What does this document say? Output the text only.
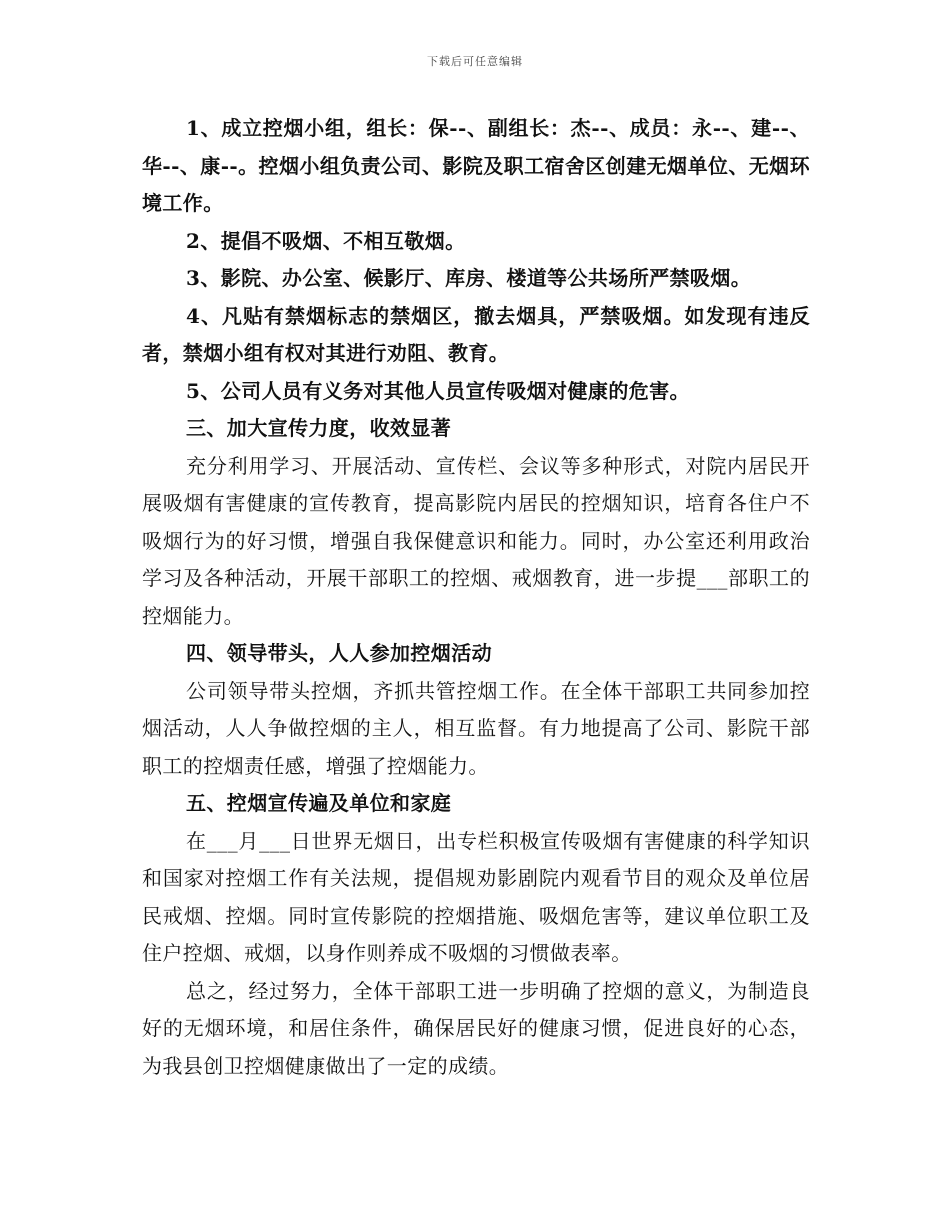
下载后可任意编辑

1、成立控烟小组，组长：保--、副组长：杰--、成员：永--、建--、华--、康--。控烟小组负责公司、影院及职工宿舍区创建无烟单位、无烟环境工作。

2、提倡不吸烟、不相互敬烟。

3、影院、办公室、候影厅、库房、楼道等公共场所严禁吸烟。

4、凡贴有禁烟标志的禁烟区，撤去烟具，严禁吸烟。如发现有违反者，禁烟小组有权对其进行劝阻、教育。

5、公司人员有义务对其他人员宣传吸烟对健康的危害。

三、加大宣传力度，收效显著

充分利用学习、开展活动、宣传栏、会议等多种形式，对院内居民开展吸烟有害健康的宣传教育，提高影院内居民的控烟知识，培育各住户不吸烟行为的好习惯，增强自我保健意识和能力。同时，办公室还利用政治学习及各种活动，开展干部职工的控烟、戒烟教育，进一步提___部职工的控烟能力。

四、领导带头，人人参加控烟活动

公司领导带头控烟，齐抓共管控烟工作。在全体干部职工共同参加控烟活动，人人争做控烟的主人，相互监督。有力地提高了公司、影院干部职工的控烟责任感，增强了控烟能力。

五、控烟宣传遍及单位和家庭

在___月___日世界无烟日，出专栏积极宣传吸烟有害健康的科学知识和国家对控烟工作有关法规，提倡规劝影剧院内观看节目的观众及单位居民戒烟、控烟。同时宣传影院的控烟措施、吸烟危害等，建议单位职工及住户控烟、戒烟，以身作则养成不吸烟的习惯做表率。

总之，经过努力，全体干部职工进一步明确了控烟的意义，为制造良好的无烟环境，和居住条件，确保居民好的健康习惯，促进良好的心态，为我县创卫控烟健康做出了一定的成绩。
